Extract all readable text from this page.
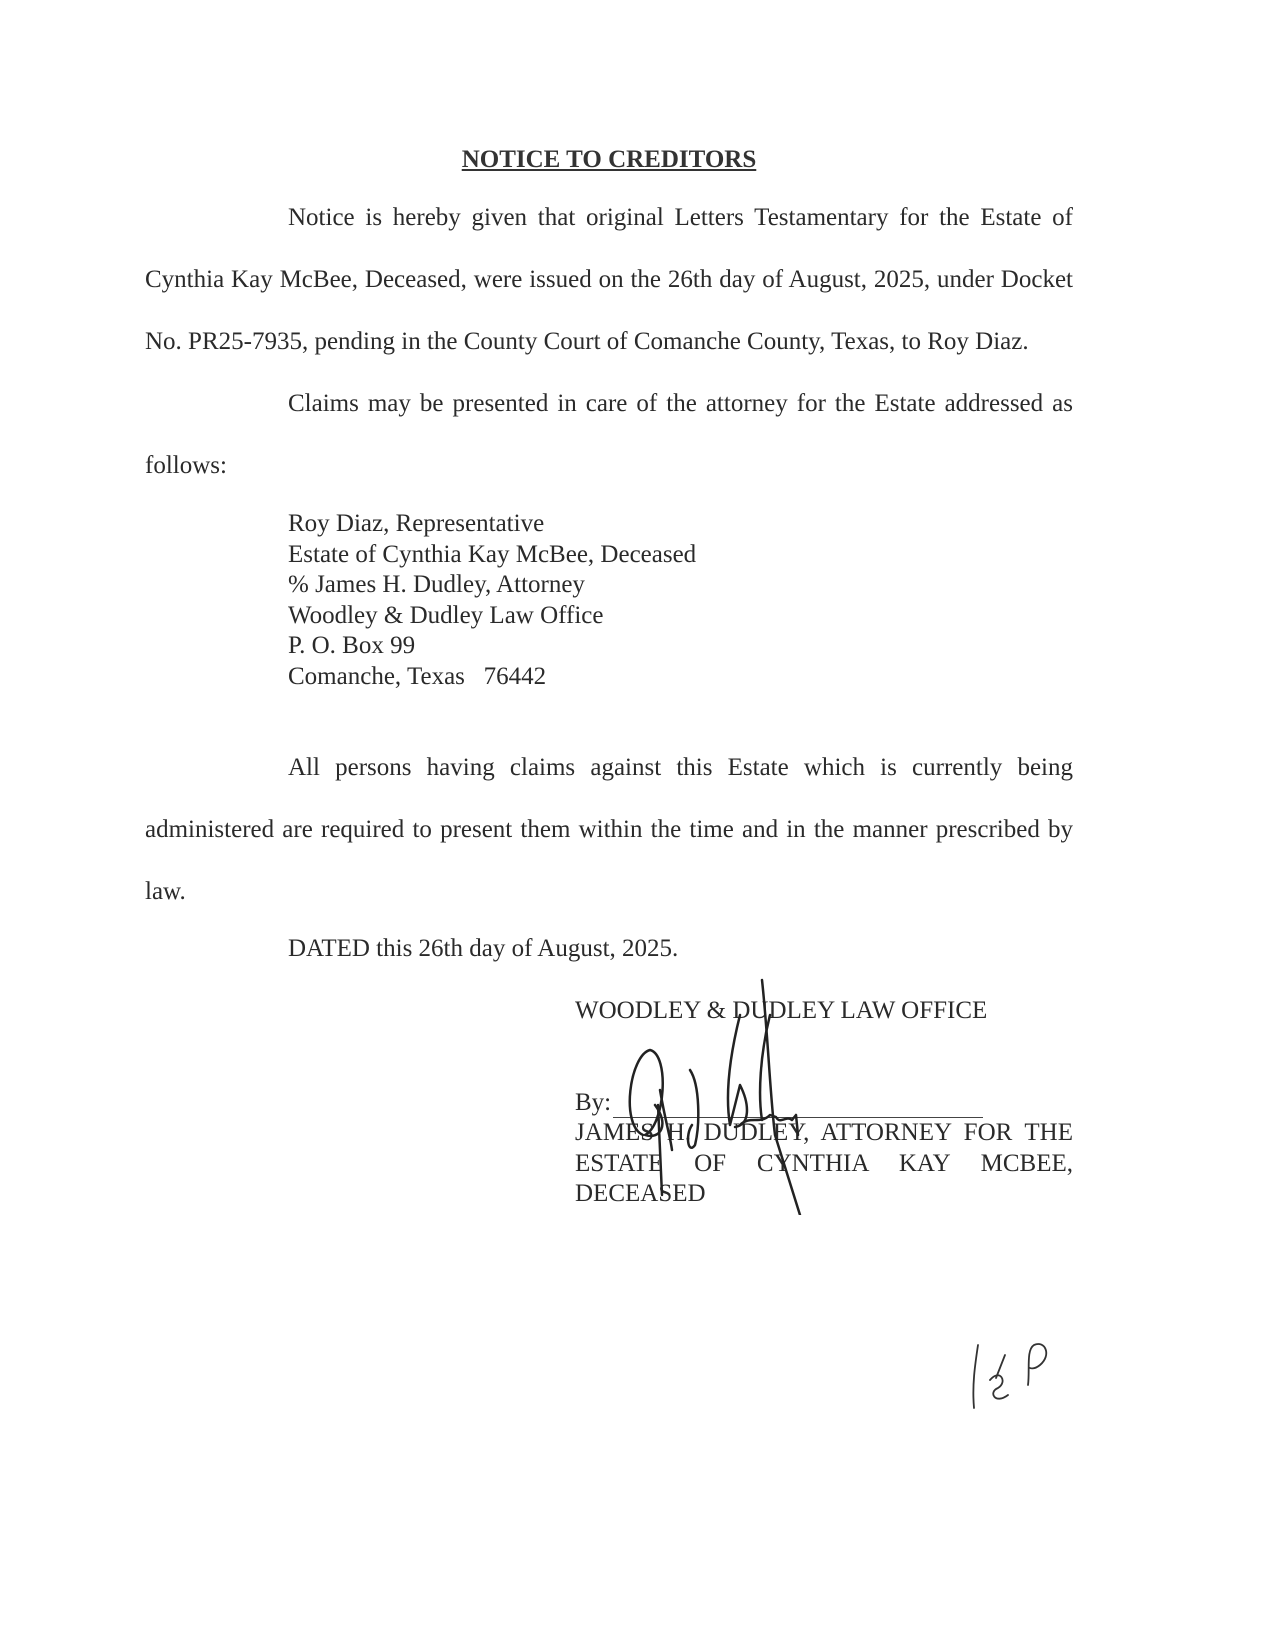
NOTICE TO CREDITORS

Notice is hereby given that original Letters Testamentary for the Estate of Cynthia Kay McBee, Deceased, were issued on the 26th day of August, 2025, under Docket No. PR25-7935, pending in the County Court of Comanche County, Texas, to Roy Diaz.

Claims may be presented in care of the attorney for the Estate addressed as follows:

Roy Diaz, Representative
Estate of Cynthia Kay McBee, Deceased
% James H. Dudley, Attorney
Woodley & Dudley Law Office
P. O. Box 99
Comanche, Texas   76442

All persons having claims against this Estate which is currently being administered are required to present them within the time and in the manner prescribed by law.

DATED this 26th day of August, 2025.
WOODLEY & DUDLEY LAW OFFICE
By:
JAMES H. DUDLEY, ATTORNEY FOR THE
ESTATE OF CYNTHIA KAY MCBEE,
DECEASED
